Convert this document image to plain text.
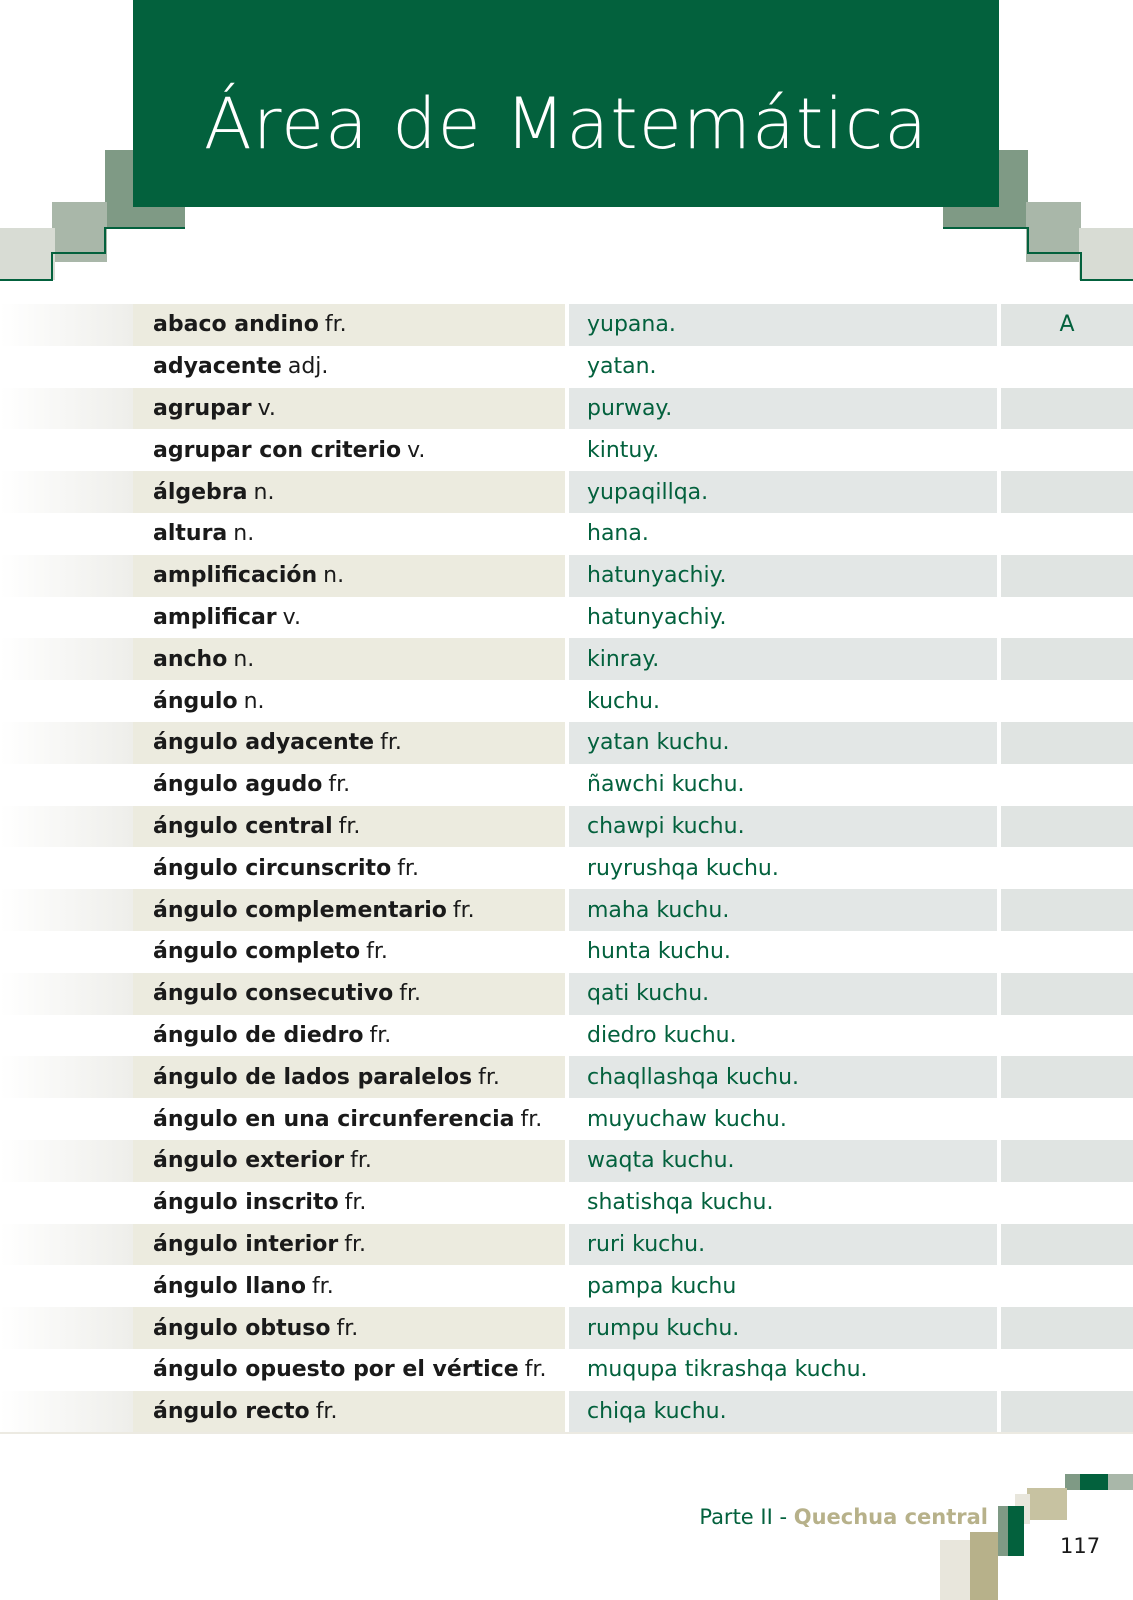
Área de Matemática
abaco andino fr.	yupana.	A
adyacente adj.	yatan.
agrupar v.	purway.
agrupar con criterio v.	kintuy.
álgebra n.	yupaqillqa.
altura n.	hana.
amplificación n.	hatunyachiy.
amplificar v.	hatunyachiy.
ancho n.	kinray.
ángulo n.	kuchu.
ángulo adyacente fr.	yatan kuchu.
ángulo agudo fr.	ñawchi kuchu.
ángulo central fr.	chawpi kuchu.
ángulo circunscrito fr.	ruyrushqa kuchu.
ángulo complementario fr.	maha kuchu.
ángulo completo fr.	hunta kuchu.
ángulo consecutivo fr.	qati kuchu.
ángulo de diedro fr.	diedro kuchu.
ángulo de lados paralelos fr.	chaqllashqa kuchu.
ángulo en una circunferencia fr.	muyuchaw kuchu.
ángulo exterior fr.	waqta kuchu.
ángulo inscrito fr.	shatishqa kuchu.
ángulo interior fr.	ruri kuchu.
ángulo llano fr.	pampa kuchu
ángulo obtuso fr.	rumpu kuchu.
ángulo opuesto por el vértice fr.	muqupa tikrashqa kuchu.
ángulo recto fr.	chiqa kuchu.
Parte II - Quechua central
117
